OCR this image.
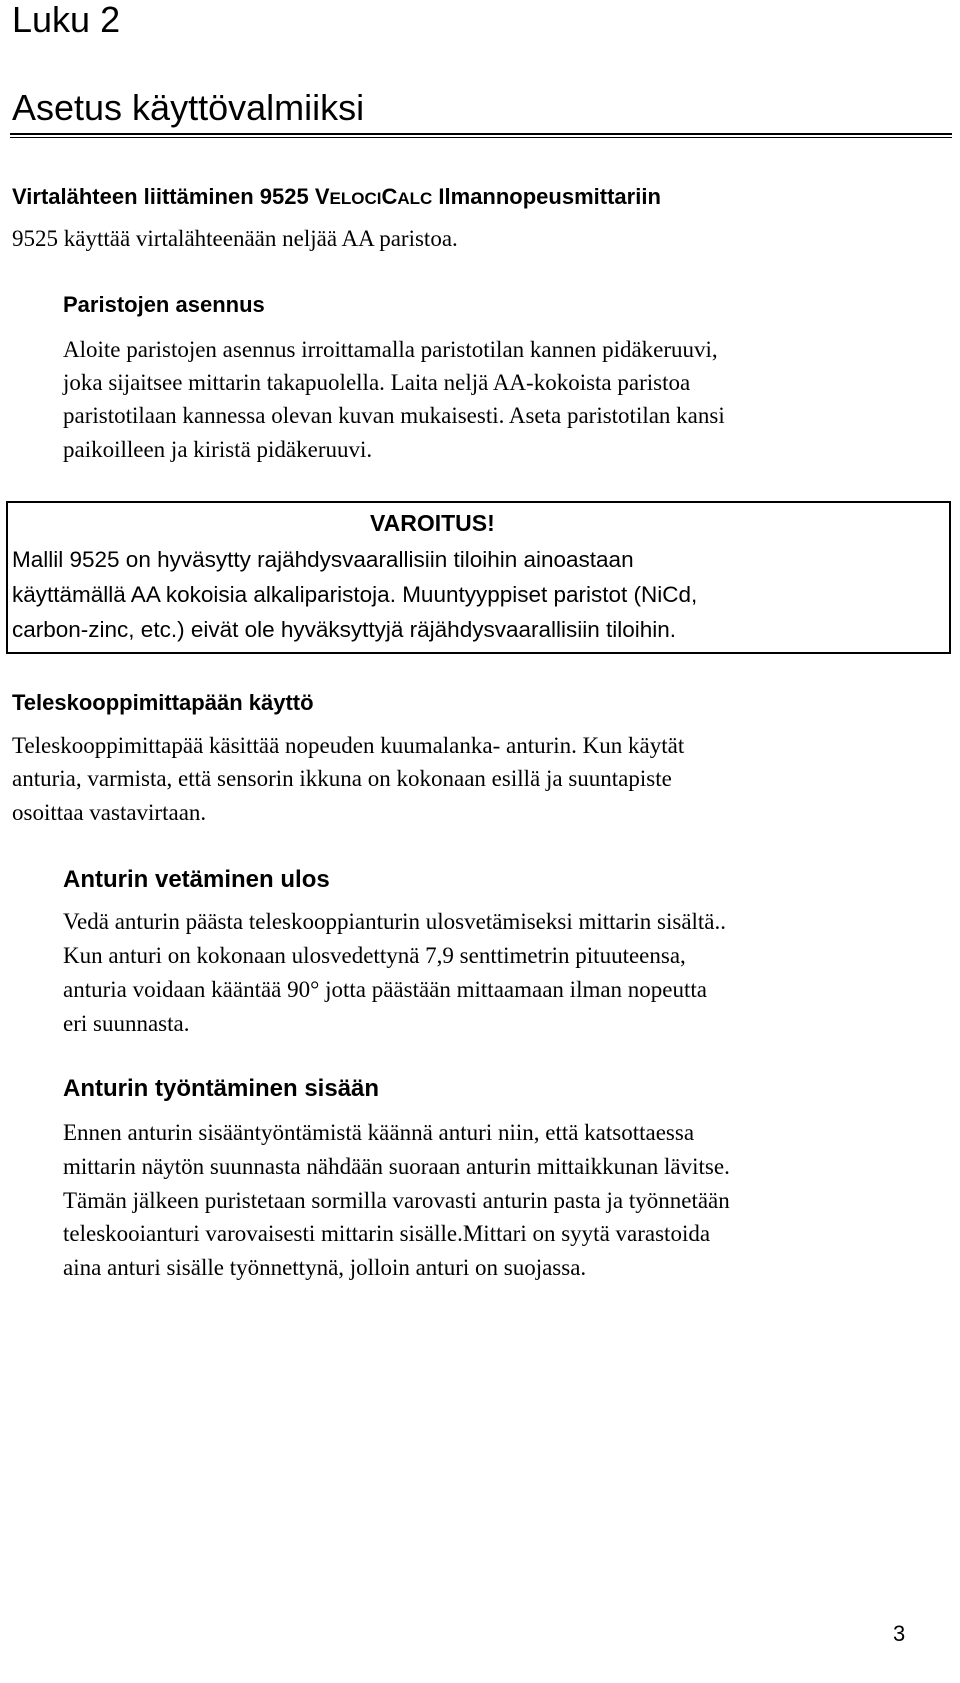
Luku 2
Asetus käyttövalmiiksi
Virtalähteen liittäminen 9525 VELOCICALC Ilmannopeusmittariin

9525 käyttää virtalähteenään neljää AA paristoa.

Paristojen asennus

Aloite paristojen asennus irroittamalla paristotilan kannen pidäkeruuvi,

joka sijaitsee mittarin takapuolella. Laita neljä AA-kokoista paristoa

paristotilaan kannessa olevan kuvan mukaisesti. Aseta paristotilan kansi

paikoilleen ja kiristä pidäkeruuvi.

VAROITUS!

Mallil 9525 on hyväsytty rajähdysvaarallisiin tiloihin ainoastaan
käyttämällä AA kokoisia alkaliparistoja. Muuntyyppiset paristot (NiCd,
carbon-zinc, etc.) eivät ole hyväksyttyjä räjähdysvaarallisiin tiloihin.
Teleskooppimittapään käyttö

Teleskooppimittapää käsittää nopeuden kuumalanka- anturin. Kun käytät

anturia, varmista, että sensorin ikkuna on kokonaan esillä ja suuntapiste

osoittaa vastavirtaan.

Anturin vetäminen ulos

Vedä anturin päästa teleskooppianturin ulosvetämiseksi mittarin sisältä..

Kun anturi on kokonaan ulosvedettynä 7,9 senttimetrin pituuteensa,

anturia voidaan kääntää 90° jotta päästään mittaamaan ilman nopeutta

eri suunnasta.

Anturin työntäminen sisään

Ennen anturin sisääntyöntämistä käännä anturi niin, että katsottaessa

mittarin näytön suunnasta nähdään suoraan anturin mittaikkunan lävitse.

Tämän jälkeen puristetaan sormilla varovasti anturin pasta ja työnnetään

teleskooianturi varovaisesti mittarin sisälle.Mittari on syytä varastoida

aina anturi sisälle työnnettynä, jolloin anturi on suojassa.

3
